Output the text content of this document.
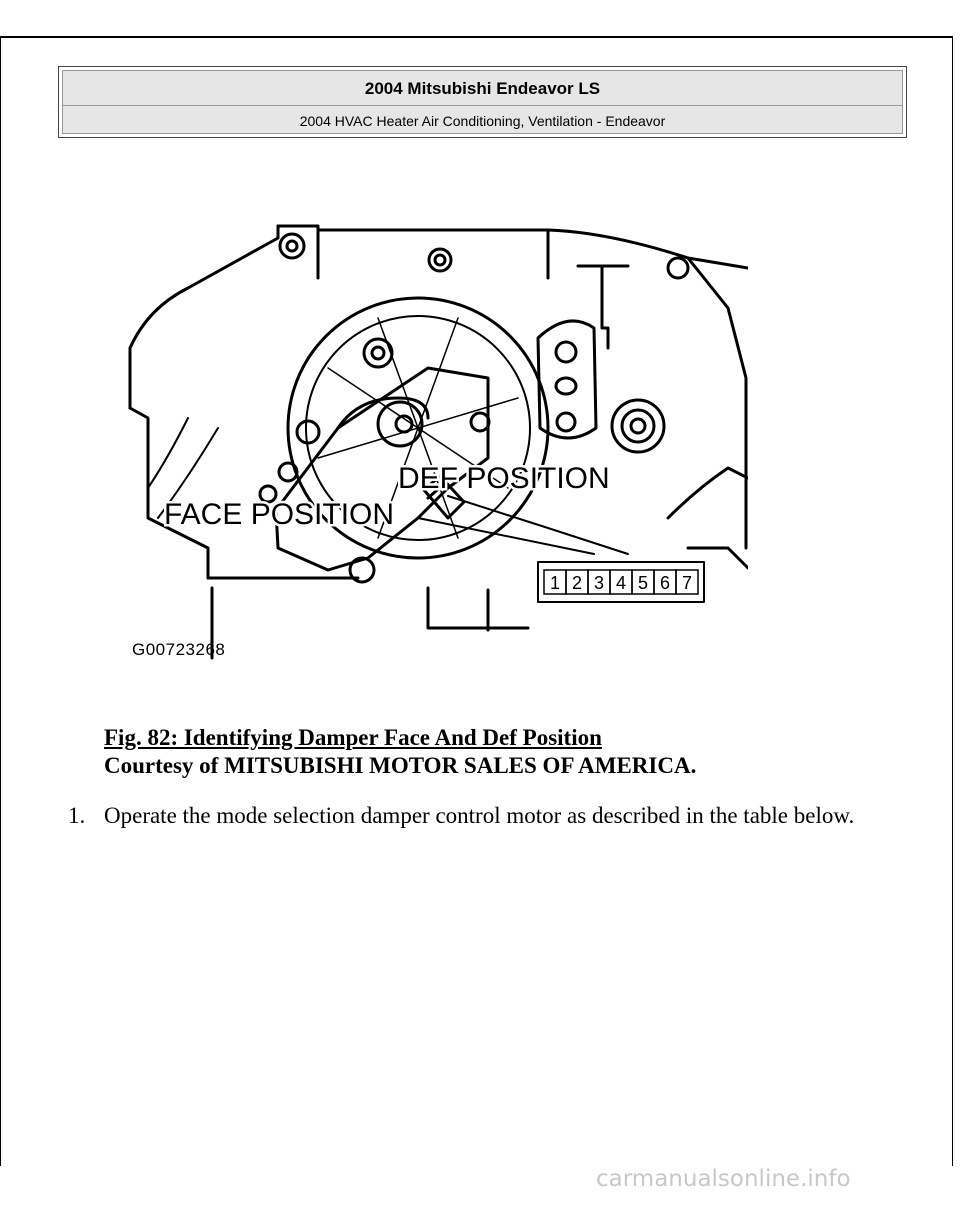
2004 Mitsubishi Endeavor LS
2004 HVAC Heater Air Conditioning, Ventilation - Endeavor
1 2 3 4 5 6 7
DEF POSITION
FACE POSITION
G00723268
Fig. 82: Identifying Damper Face And Def Position
Courtesy of MITSUBISHI MOTOR SALES OF AMERICA.
1. Operate the mode selection damper control motor as described in the table below.
carmanualsonline.info
